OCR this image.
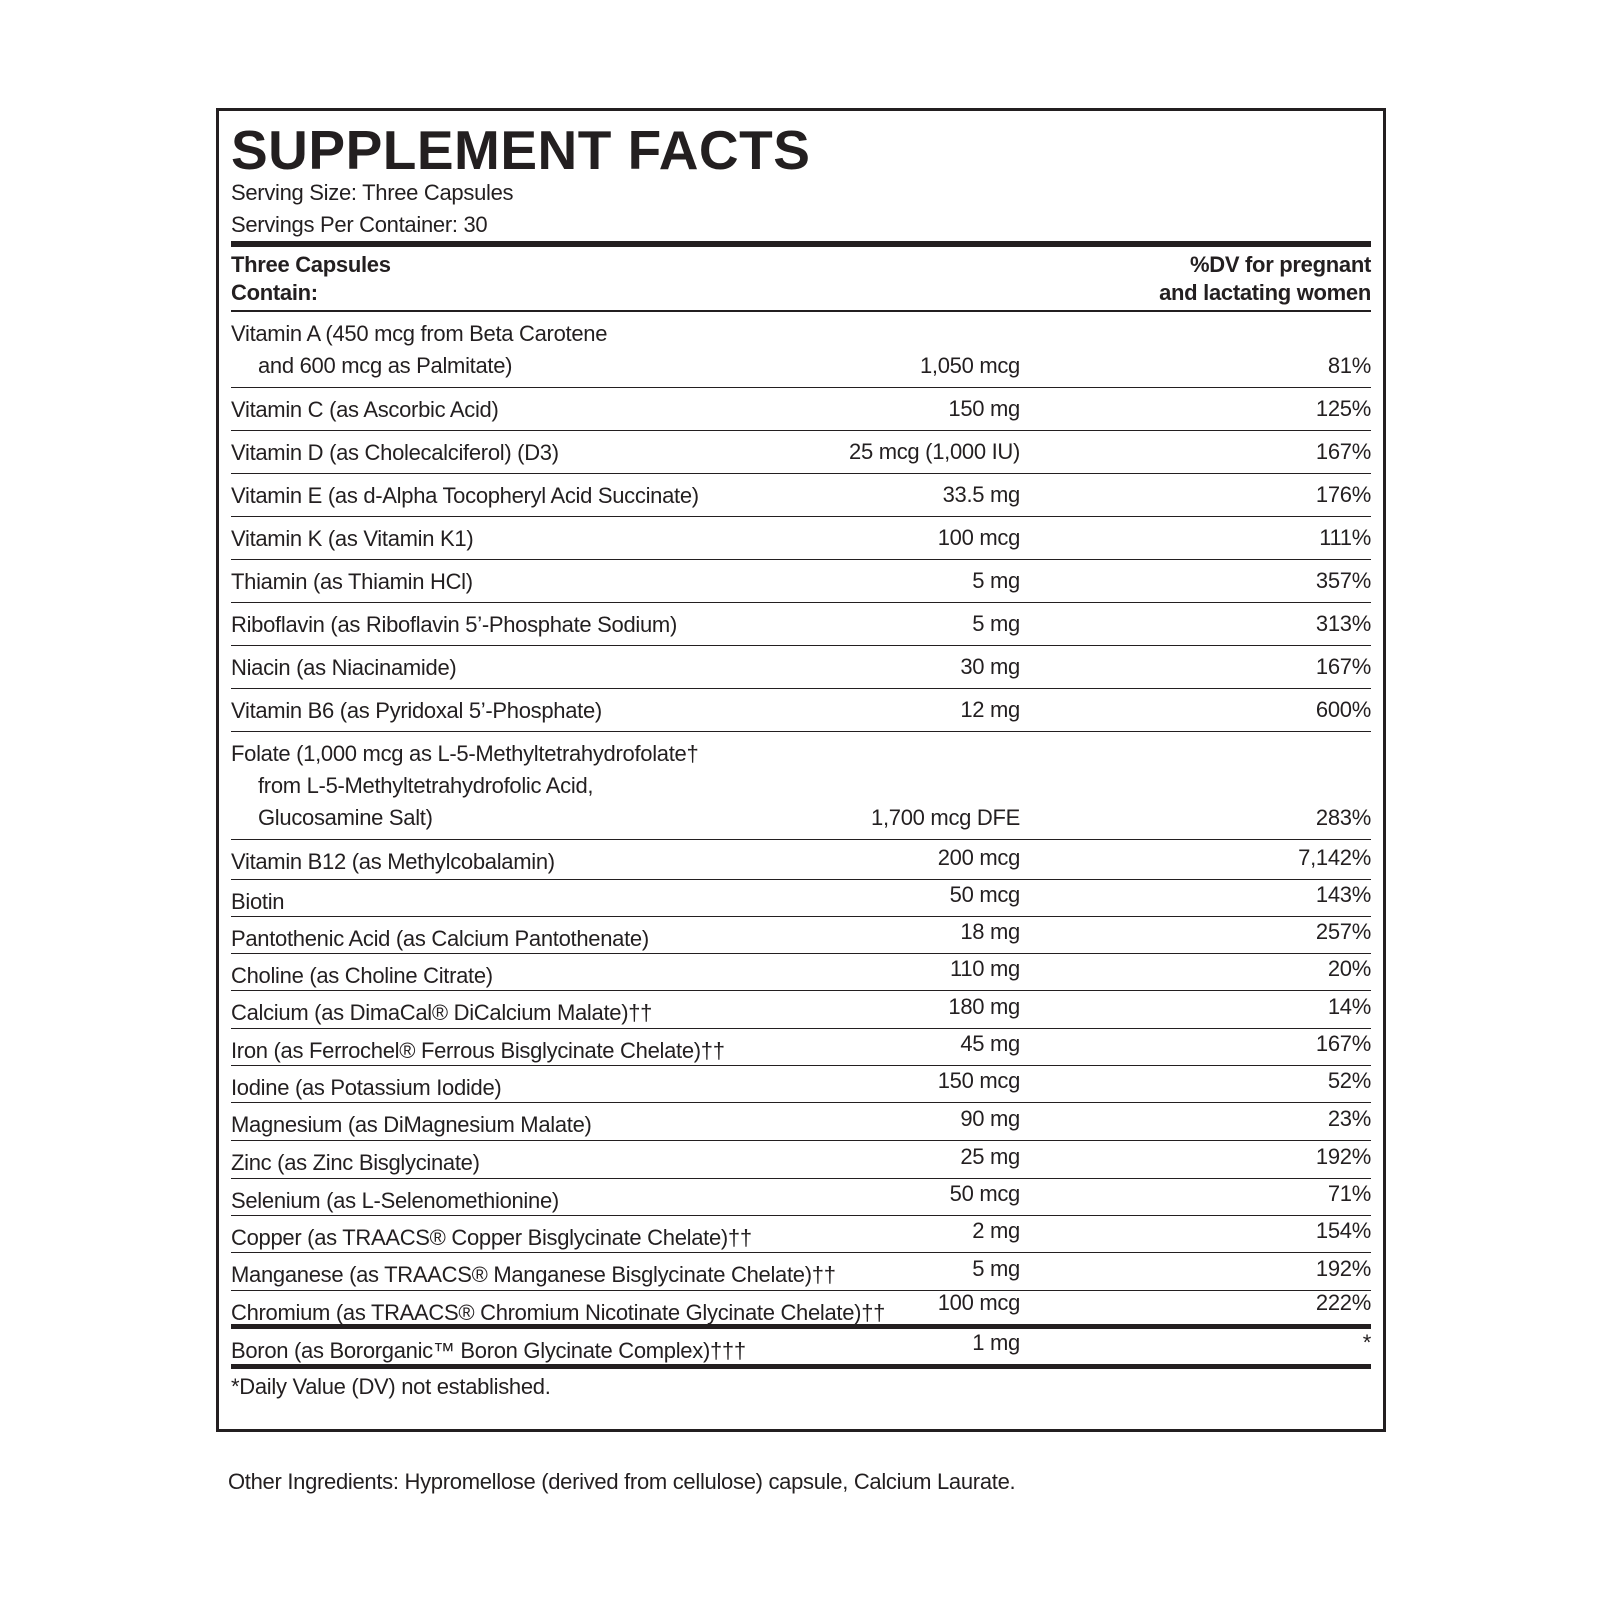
SUPPLEMENT FACTS
Serving Size: Three Capsules
Servings Per Container: 30
Three Capsules
Contain:
%DV for pregnant
and lactating women
Vitamin A (450 mcg from Beta Carotene
and 600 mcg as Palmitate)	1,050 mcg	81%
Vitamin C (as Ascorbic Acid)	150 mg	125%
Vitamin D (as Cholecalciferol) (D3)	25 mcg (1,000 IU)	167%
Vitamin E (as d-Alpha Tocopheryl Acid Succinate)	33.5 mg	176%
Vitamin K (as Vitamin K1)	100 mcg	111%
Thiamin (as Thiamin HCl)	5 mg	357%
Riboflavin (as Riboflavin 5’-Phosphate Sodium)	5 mg	313%
Niacin (as Niacinamide)	30 mg	167%
Vitamin B6 (as Pyridoxal 5’-Phosphate)	12 mg	600%
Folate (1,000 mcg as L-5-Methyltetrahydrofolate†
from L-5-Methyltetrahydrofolic Acid,
Glucosamine Salt)	1,700 mcg DFE	283%
Vitamin B12 (as Methylcobalamin)	200 mcg	7,142%
Biotin	50 mcg	143%
Pantothenic Acid (as Calcium Pantothenate)	18 mg	257%
Choline (as Choline Citrate)	110 mg	20%
Calcium (as DimaCal® DiCalcium Malate)††	180 mg	14%
Iron (as Ferrochel® Ferrous Bisglycinate Chelate)††	45 mg	167%
Iodine (as Potassium Iodide)	150 mcg	52%
Magnesium (as DiMagnesium Malate)	90 mg	23%
Zinc (as Zinc Bisglycinate)	25 mg	192%
Selenium (as L-Selenomethionine)	50 mcg	71%
Copper (as TRAACS® Copper Bisglycinate Chelate)††	2 mg	154%
Manganese (as TRAACS® Manganese Bisglycinate Chelate)††	5 mg	192%
Chromium (as TRAACS® Chromium Nicotinate Glycinate Chelate)†† 100 mcg	222%
Boron (as Bororganic™ Boron Glycinate Complex)†††	1 mg	*
*Daily Value (DV) not established.
Other Ingredients: Hypromellose (derived from cellulose) capsule, Calcium Laurate.
